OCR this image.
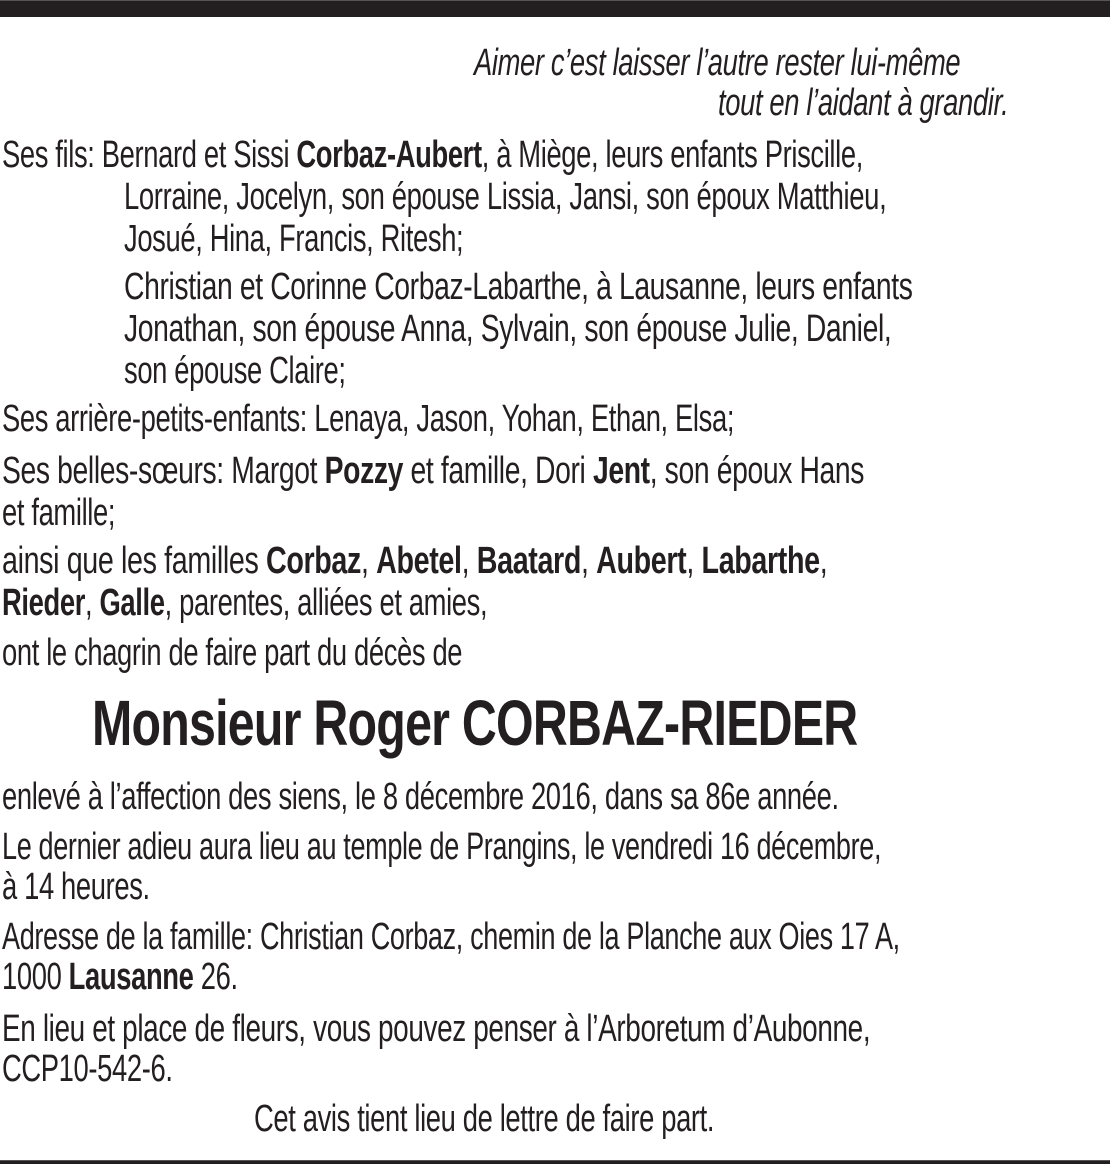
Aimer c’est laisser l’autre rester lui-même
tout en l’aidant à grandir.
Ses fils: Bernard et Sissi Corbaz-Aubert, à Miège, leurs enfants Priscille,
Lorraine, Jocelyn, son épouse Lissia, Jansi, son époux Matthieu,
Josué, Hina, Francis, Ritesh;
Christian et Corinne Corbaz-Labarthe, à Lausanne, leurs enfants
Jonathan, son épouse Anna, Sylvain, son épouse Julie, Daniel,
son épouse Claire;
Ses arrière-petits-enfants: Lenaya, Jason, Yohan, Ethan, Elsa;
Ses belles-sœurs: Margot Pozzy et famille, Dori Jent, son époux Hans
et famille;
ainsi que les familles Corbaz, Abetel, Baatard, Aubert, Labarthe,
Rieder, Galle, parentes, alliées et amies,
ont le chagrin de faire part du décès de
Monsieur Roger CORBAZ-RIEDER
enlevé à l’affection des siens, le 8 décembre 2016, dans sa 86e année.
Le dernier adieu aura lieu au temple de Prangins, le vendredi 16 décembre,
à 14 heures.
Adresse de la famille: Christian Corbaz, chemin de la Planche aux Oies 17 A,
1000 Lausanne 26.
En lieu et place de fleurs, vous pouvez penser à l’Arboretum d’Aubonne,
CCP10-542-6.
Cet avis tient lieu de lettre de faire part.
